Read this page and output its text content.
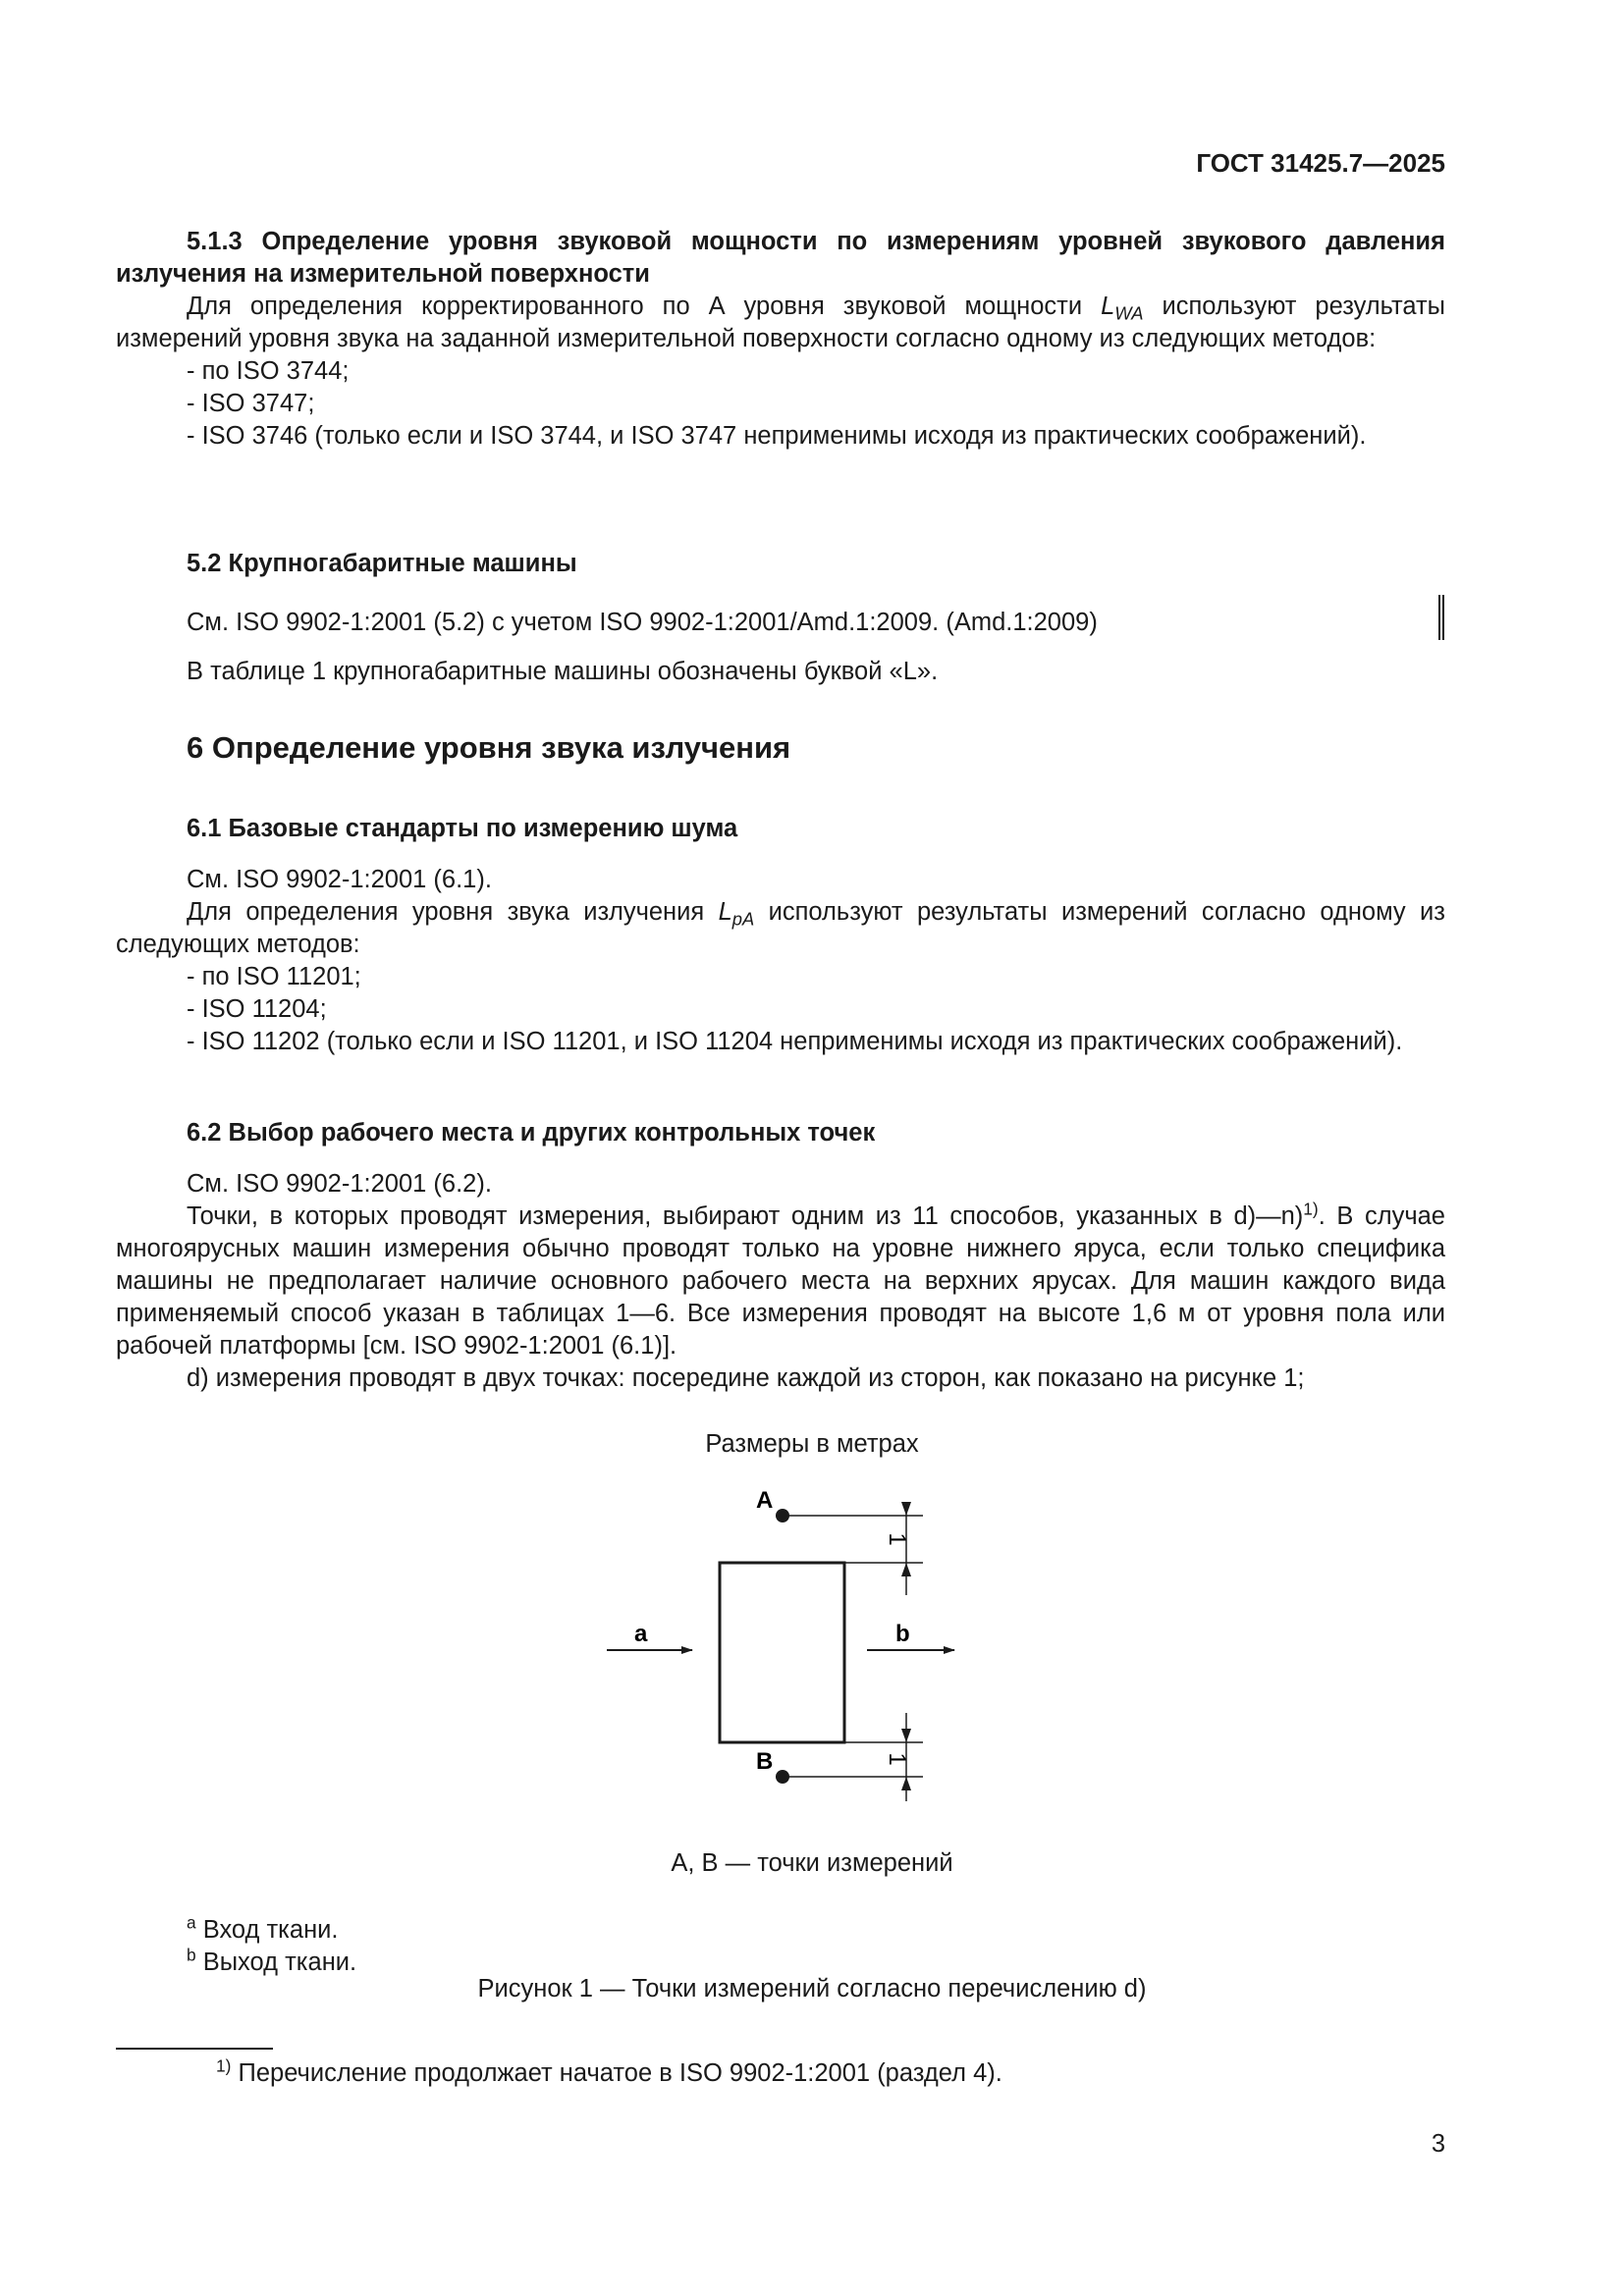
ГОСТ 31425.7—2025

5.1.3 Определение уровня звуковой мощности по измерениям уровней звукового давления излучения на измерительной поверхности

Для определения корректированного по А уровня звуковой мощности $L_{WA}$ используют результаты измерений уровня звука на заданной измерительной поверхности согласно одному из следующих методов:

- по ISO 3744;

- ISO 3747;

- ISO 3746 (только если и ISO 3744, и ISO 3747 неприменимы исходя из практических соображений).

5.2 Крупногабаритные машины

См. ISO 9902-1:2001 (5.2) с учетом ISO 9902-1:2001/Amd.1:2009. (Amd.1:2009)

В таблице 1 крупногабаритные машины обозначены буквой «L».

6 Определение уровня звука излучения

6.1 Базовые стандарты по измерению шума

См. ISO 9902-1:2001 (6.1).

Для определения уровня звука излучения $L_{pA}$ используют результаты измерений согласно одному из следующих методов:

- по ISO 11201;

- ISO 11204;

- ISO 11202 (только если и ISO 11201, и ISO 11204 неприменимы исходя из практических соображений).

6.2 Выбор рабочего места и других контрольных точек

См. ISO 9902-1:2001 (6.2).

Точки, в которых проводят измерения, выбирают одним из 11 способов, указанных в d)—n)$^{1)}$. В случае многоярусных машин измерения обычно проводят только на уровне нижнего яруса, если только специфика машины не предполагает наличие основного рабочего места на верхних ярусах. Для машин каждого вида применяемый способ указан в таблицах 1—6. Все измерения проводят на высоте 1,6 м от уровня пола или рабочей платформы [см. ISO 9902-1:2001 (6.1)].

d) измерения проводят в двух точках: посередине каждой из сторон, как показано на рисунке 1;

Размеры в метрах
1
1
A
B
a	b
A, B — точки измерений

$^a$ Вход ткани.

$^b$ Выход ткани.

Рисунок 1 — Точки измерений согласно перечислению d)

$^{1)}$ Перечисление продолжает начатое в ISO 9902-1:2001 (раздел 4).

3
